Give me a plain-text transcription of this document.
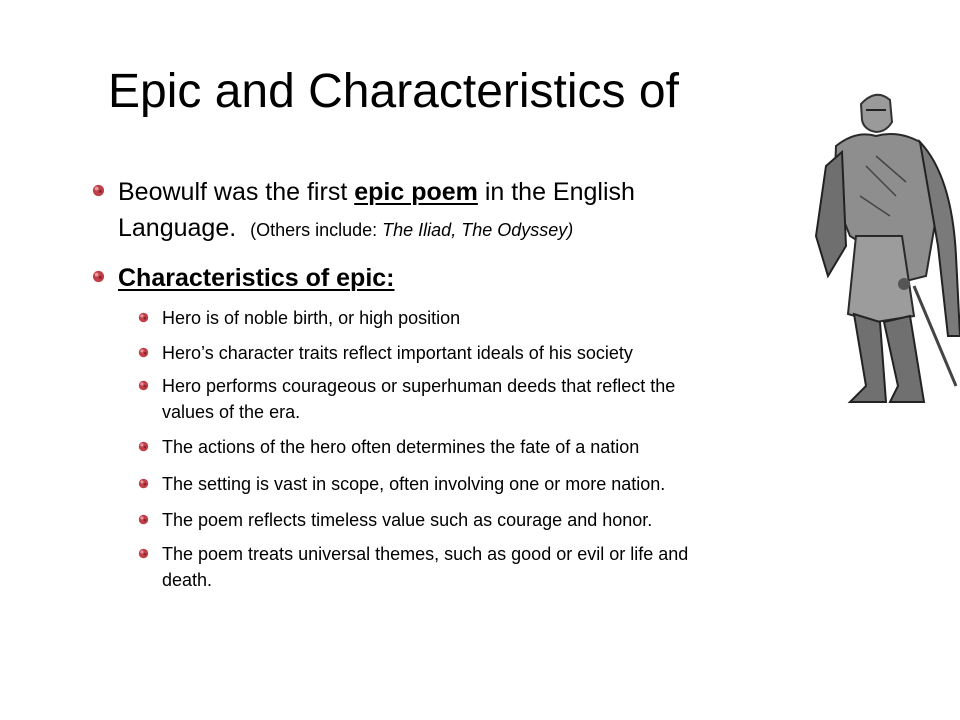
Epic and Characteristics of
Beowulf was the first epic poem in the English
Language. (Others include: The Iliad, The Odyssey)
Characteristics of epic:
Hero is of noble birth, or high position
Hero’s character traits reflect important ideals of his society
Hero performs courageous or superhuman deeds that reflect the
values of the era.
The actions of the hero often determines the fate of a nation
The setting is vast in scope, often involving one or more nation.
The poem reflects timeless value such as courage and honor.
The poem treats universal themes, such as good or evil or life and
death.
